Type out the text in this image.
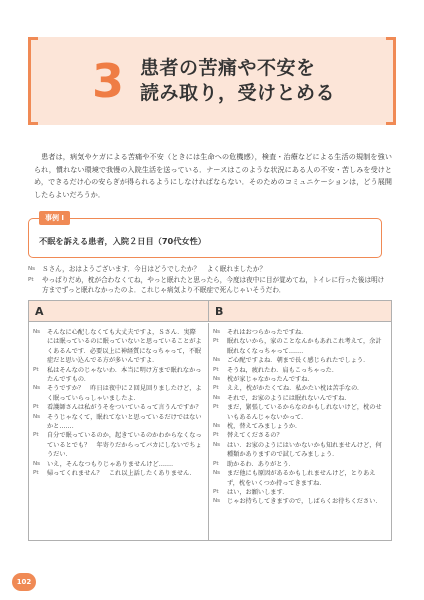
3 患者の苦痛や不安を
読み取り，受けとめる

患者は，病気やケガによる苦痛や不安（ときには生命への危機感），検査・治療などによる生活の規制を強いられ，慣れない環境で我慢の入院生活を送っている．ナースはこのような状況にある人の不安・苦しみを受けとめ，できるだけ心の安らぎが得られるようにしなければならない．そのためのコミュニケーションは，どう展開したらよいだろうか．

事例 I
不眠を訴える患者，入院２日目（70代女性）
Ns	Ｓさん，おはようございます．今日はどうでしたか？　よく眠れましたか？
Pt	やっぱりだめ，枕が合わなくてね，やっと眠れたと思ったら，今度は夜中に目が覚めてね，トイレに行った後は明け方までずっと眠れなかったのよ．これじゃ病気より不眠症で死んじゃいそうだわ．
A	B
Ns	そんなに心配しなくても大丈夫ですよ，Ｓさん．実際には眠っているのに眠っていないと思っていることがよくあるんです．必要以上に神経質になっちゃって，不眠症だと思い込んでる方が多いんですよ．
Pt	私はそんなのじゃないわ．本当に明け方まで眠れなかったんですもの．
Ns	そうですか？　昨日は夜中に２回見回りましたけど，よく眠っていらっしゃいましたよ．
Pt	看護師さんは私がうそをついているって言うんですか？
Ns	そうじゃなくて，眠れてないと思っているだけではないかと……．
Pt	自分で眠っているのか，起きているのかわからなくなっているとでも？　年寄りだからってバカにしないでちょうだい．
Ns	いえ，そんなつもりじゃありませんけど……．
Pt	帰ってくれません？　これ以上話したくありません．
Ns	それはおつらかったですね．
Pt	眠れないから，家のことなんかもあれこれ考えて，余計眠れなくなっちゃって……．
Ns	ご心配ですよね．朝まで長く感じられたでしょう．
Pt	そうね，疲れたわ．肩もこっちゃった．
Ns	枕が家じゃなかったんですね．
Pt	ええ，枕がかたくてね．私かたい枕は苦手なの．
Ns	それで，お家のようには眠れないんですね．
Pt	まだ，緊張しているからなのかもしれないけど，枕のせいもあるんじゃないかって．
Ns	枕，替えてみましょうか．
Pt	替えてくださるの？
Ns	はい．お家のようにはいかないかも知れませんけど，何種類かありますので試してみましょう．
Pt	助かるわ．ありがとう．
Ns	まだ他にも原因があるかもしれませんけど，とりあえず，枕をいくつか持ってきますね．
Pt	はい，お願いします．
Ns	じゃお持ちしてきますので，しばらくお待ちください．
102
